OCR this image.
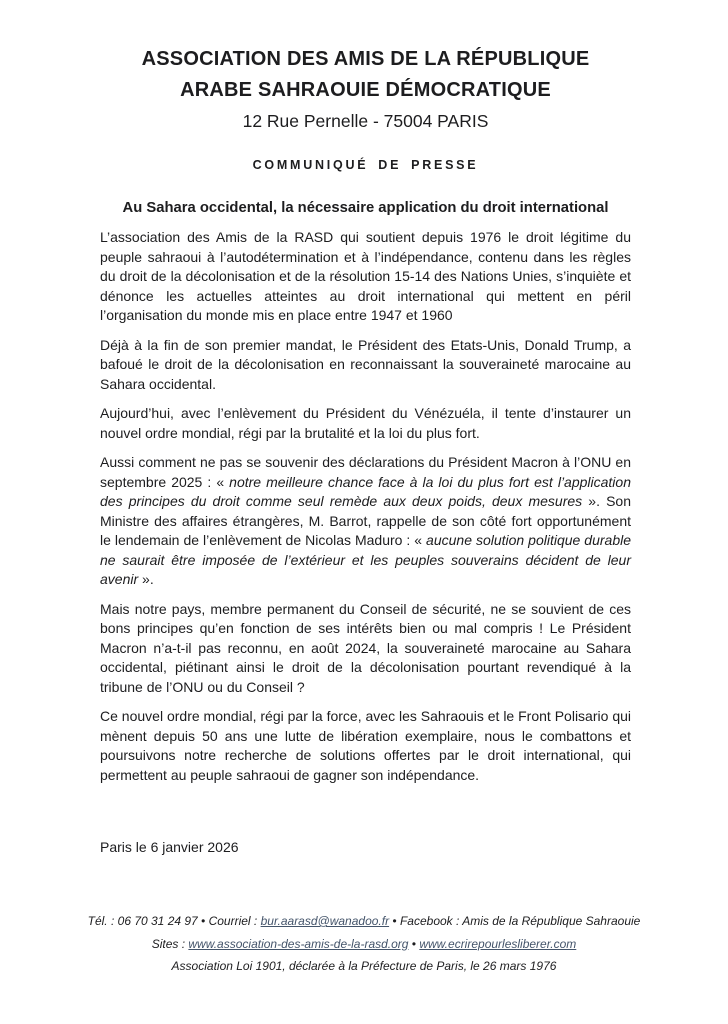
ASSOCIATION DES AMIS DE LA RÉPUBLIQUE
ARABE SAHRAOUIE DÉMOCRATIQUE
12 Rue Pernelle - 75004 PARIS
COMMUNIQUÉ DE PRESSE
Au Sahara occidental, la nécessaire application du droit international

L’association des Amis de la RASD qui soutient depuis 1976 le droit légitime du peuple sahraoui à l’autodétermination et à l’indépendance, contenu dans les règles du droit de la décolonisation et de la résolution 15-14 des Nations Unies, s’inquiète et dénonce les actuelles atteintes au droit international qui mettent en péril l’organisation du monde mis en place entre 1947 et 1960

Déjà à la fin de son premier mandat, le Président des Etats-Unis, Donald Trump, a bafoué le droit de la décolonisation en reconnaissant la souveraineté marocaine au Sahara occidental.

Aujourd’hui, avec l’enlèvement du Président du Vénézuéla, il tente d’instaurer un nouvel ordre mondial, régi par la brutalité et la loi du plus fort.

Aussi comment ne pas se souvenir des déclarations du Président Macron à l’ONU en septembre 2025 : « notre meilleure chance face à la loi du plus fort est l’application des principes du droit comme seul remède aux deux poids, deux mesures ». Son Ministre des affaires étrangères, M. Barrot, rappelle de son côté fort opportunément le lendemain de l’enlèvement de Nicolas Maduro : « aucune solution politique durable ne saurait être imposée de l’extérieur et les peuples souverains décident de leur avenir ».

Mais notre pays, membre permanent du Conseil de sécurité, ne se souvient de ces bons principes qu’en fonction de ses intérêts bien ou mal compris ! Le Président Macron n’a-t-il pas reconnu, en août 2024, la souveraineté marocaine au Sahara occidental, piétinant ainsi le droit de la décolonisation pourtant revendiqué à la tribune de l’ONU ou du Conseil ?

Ce nouvel ordre mondial, régi par la force, avec les Sahraouis et le Front Polisario qui mènent depuis 50 ans une lutte de libération exemplaire, nous le combattons et poursuivons notre recherche de solutions offertes par le droit international, qui permettent au peuple sahraoui de gagner son indépendance.

Paris le 6 janvier 2026
Tél. : 06 70 31 24 97 • Courriel : bur.aarasd@wanadoo.fr • Facebook : Amis de la République Sahraouie
Sites : www.association-des-amis-de-la-rasd.org • www.ecrirepourlesliberer.com
Association Loi 1901, déclarée à la Préfecture de Paris, le 26 mars 1976
